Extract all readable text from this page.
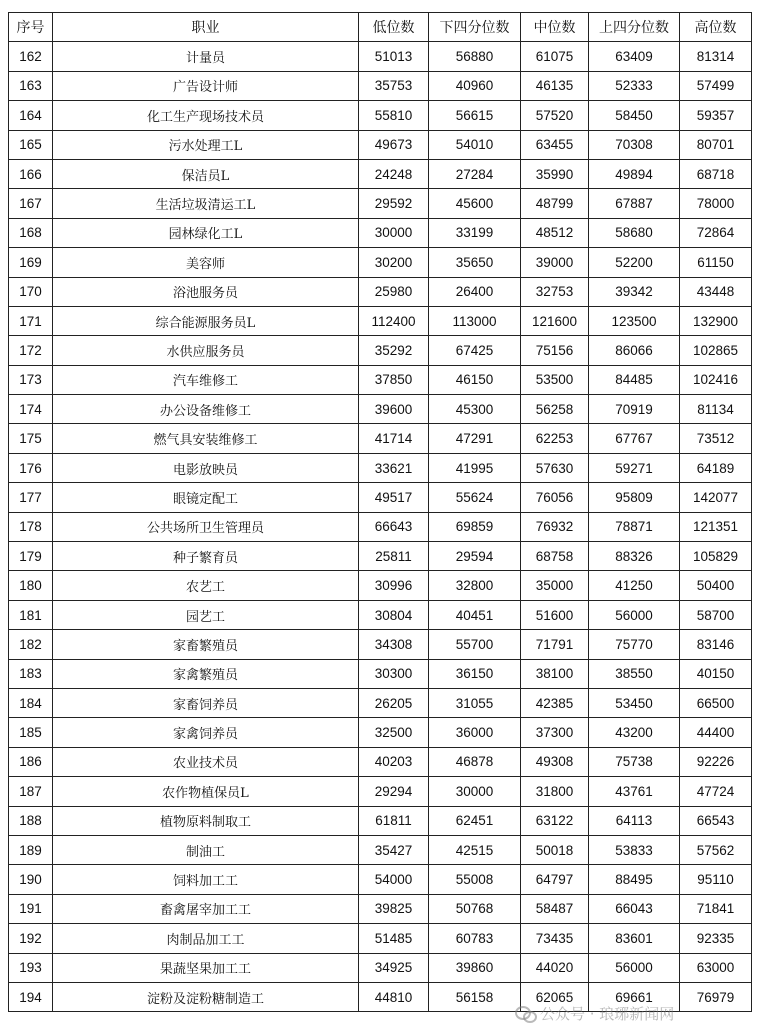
序号	职业	低位数	下四分位数	中位数	上四分位数	高位数
162	计量员	51013	56880	61075	63409	81314
163	广告设计师	35753	40960	46135	52333	57499
164	化工生产现场技术员	55810	56615	57520	58450	59357
165	污水处理工L	49673	54010	63455	70308	80701
166	保洁员L	24248	27284	35990	49894	68718
167	生活垃圾清运工L	29592	45600	48799	67887	78000
168	园林绿化工L	30000	33199	48512	58680	72864
169	美容师	30200	35650	39000	52200	61150
170	浴池服务员	25980	26400	32753	39342	43448
171	综合能源服务员L	112400	113000	121600	123500	132900
172	水供应服务员	35292	67425	75156	86066	102865
173	汽车维修工	37850	46150	53500	84485	102416
174	办公设备维修工	39600	45300	56258	70919	81134
175	燃气具安装维修工	41714	47291	62253	67767	73512
176	电影放映员	33621	41995	57630	59271	64189
177	眼镜定配工	49517	55624	76056	95809	142077
178	公共场所卫生管理员	66643	69859	76932	78871	121351
179	种子繁育员	25811	29594	68758	88326	105829
180	农艺工	30996	32800	35000	41250	50400
181	园艺工	30804	40451	51600	56000	58700
182	家畜繁殖员	34308	55700	71791	75770	83146
183	家禽繁殖员	30300	36150	38100	38550	40150
184	家畜饲养员	26205	31055	42385	53450	66500
185	家禽饲养员	32500	36000	37300	43200	44400
186	农业技术员	40203	46878	49308	75738	92226
187	农作物植保员L	29294	30000	31800	43761	47724
188	植物原料制取工	61811	62451	63122	64113	66543
189	制油工	35427	42515	50018	53833	57562
190	饲料加工工	54000	55008	64797	88495	95110
191	畜禽屠宰加工工	39825	50768	58487	66043	71841
192	肉制品加工工	51485	60783	73435	83601	92335
193	果蔬坚果加工工	34925	39860	44020	56000	63000
194	淀粉及淀粉糖制造工	44810	56158	62065	69661	76979
公众号 · 琅琊新闻网
